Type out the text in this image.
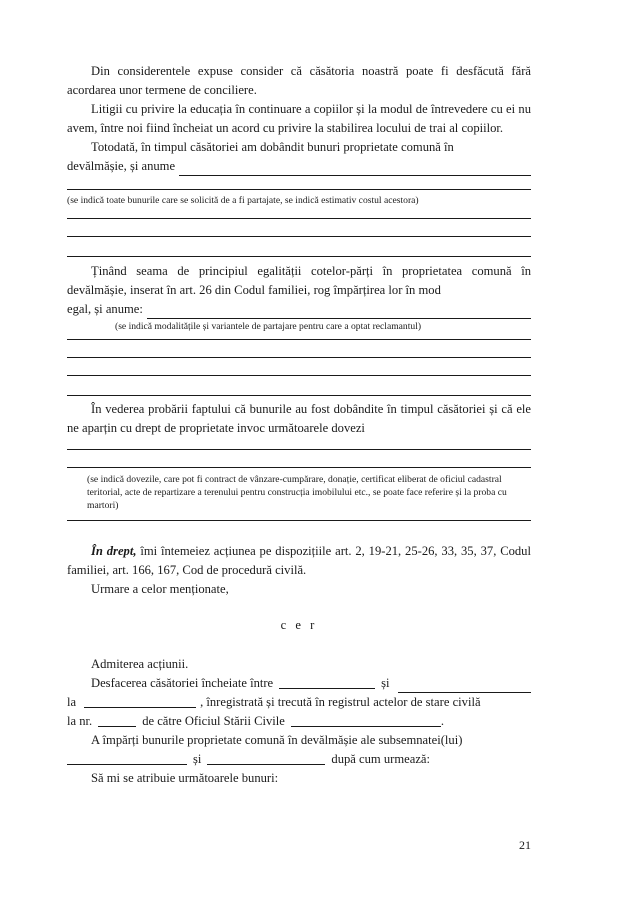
Din considerentele expuse consider că căsătoria noastră poate fi desfăcută fără acordarea unor termene de conciliere.

Litigii cu privire la educația în continuare a copiilor și la modul de întrevedere cu ei nu avem, între noi fiind încheiat un acord cu privire la stabilirea locului de trai al copiilor.

Totodată, în timpul căsătoriei am dobândit bunuri proprietate comună în

devălmășie, și anume
(se indică toate bunurile care se solicită de a fi partajate, se indică estimativ costul acestora)

Ținând seama de principiul egalității cotelor-părți în proprietatea comună în devălmășie, inserat în art. 26 din Codul familiei, rog împărțirea lor în mod

egal, și anume:
(se indică modalitățile și variantele de partajare pentru care a optat reclamantul)

În vederea probării faptului că bunurile au fost dobândite în timpul căsătoriei și că ele ne aparțin cu drept de proprietate invoc următoarele dovezi

(se indică dovezile, care pot fi contract de vânzare-cumpărare, donație, certificat eliberat de oficiul cadastral teritorial, acte de repartizare a terenului pentru construcția imobilului etc., se poate face referire și la proba cu martori)

În drept, îmi întemeiez acțiunea pe dispozițiile art. 2, 19-21, 25-26, 33, 35, 37, Codul familiei, art. 166, 167, Cod de procedură civilă.

Urmare a celor menționate,

c e r

Admiterea acțiunii.

Desfacerea căsătoriei încheiate între	și
la	, înregistrată și trecută în registrul actelor de stare civilă
la nr.	de către Oficiul Stării Civile	.

A împărți bunurile proprietate comună în devălmășie ale subsemnatei(lui)

și	după cum urmează:

Să mi se atribuie următoarele bunuri:

21
